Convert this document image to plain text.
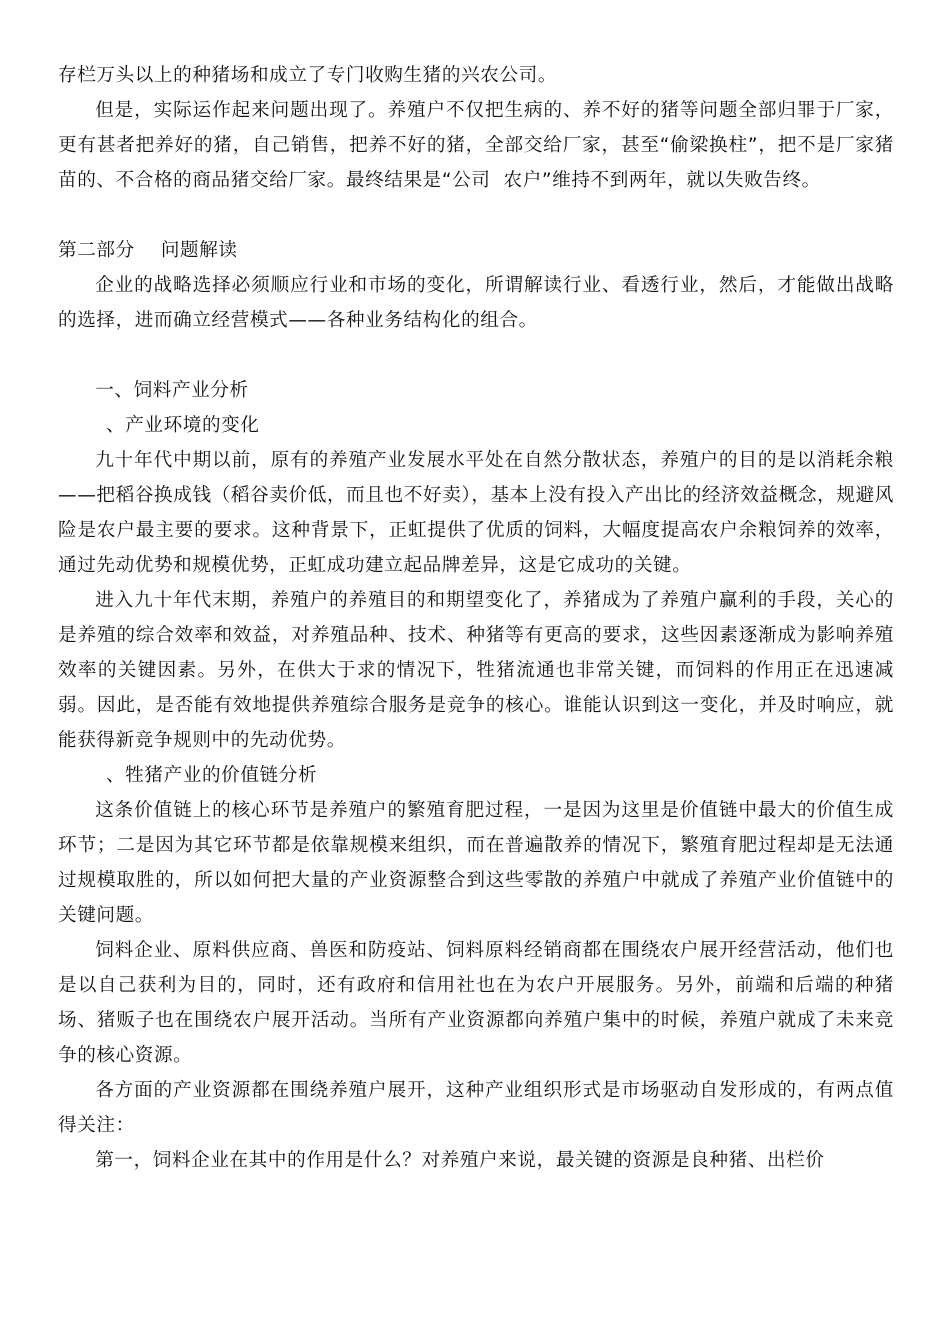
存栏万头以上的种猪场和成立了专门收购生猪的兴农公司。

但是，实际运作起来问题出现了。养殖户不仅把生病的、养不好的猪等问题全部归罪于厂家，更有甚者把养好的猪，自己销售，把养不好的猪，全部交给厂家，甚至“偷梁换柱”，把不是厂家猪苗的、不合格的商品猪交给厂家。最终结果是“公司  农户”维持不到两年，就以失败告终。

第二部分    问题解读

企业的战略选择必须顺应行业和市场的变化，所谓解读行业、看透行业，然后，才能做出战略的选择，进而确立经营模式——各种业务结构化的组合。

一、饲料产业分析

、产业环境的变化

九十年代中期以前，原有的养殖产业发展水平处在自然分散状态，养殖户的目的是以消耗余粮——把稻谷换成钱（稻谷卖价低，而且也不好卖），基本上没有投入产出比的经济效益概念，规避风险是农户最主要的要求。这种背景下，正虹提供了优质的饲料，大幅度提高农户余粮饲养的效率，通过先动优势和规模优势，正虹成功建立起品牌差异，这是它成功的关键。

进入九十年代末期，养殖户的养殖目的和期望变化了，养猪成为了养殖户赢利的手段，关心的是养殖的综合效率和效益，对养殖品种、技术、种猪等有更高的要求，这些因素逐渐成为影响养殖效率的关键因素。另外，在供大于求的情况下，牲猪流通也非常关键，而饲料的作用正在迅速减弱。因此，是否能有效地提供养殖综合服务是竞争的核心。谁能认识到这一变化，并及时响应，就能获得新竞争规则中的先动优势。

、牲猪产业的价值链分析

这条价值链上的核心环节是养殖户的繁殖育肥过程，一是因为这里是价值链中最大的价值生成环节；二是因为其它环节都是依靠规模来组织，而在普遍散养的情况下，繁殖育肥过程却是无法通过规模取胜的，所以如何把大量的产业资源整合到这些零散的养殖户中就成了养殖产业价值链中的关键问题。

饲料企业、原料供应商、兽医和防疫站、饲料原料经销商都在围绕农户展开经营活动，他们也是以自己获利为目的，同时，还有政府和信用社也在为农户开展服务。另外，前端和后端的种猪场、猪贩子也在围绕农户展开活动。当所有产业资源都向养殖户集中的时候，养殖户就成了未来竞争的核心资源。

各方面的产业资源都在围绕养殖户展开，这种产业组织形式是市场驱动自发形成的，有两点值得关注：

第一，饲料企业在其中的作用是什么？对养殖户来说，最关键的资源是良种猪、出栏价
